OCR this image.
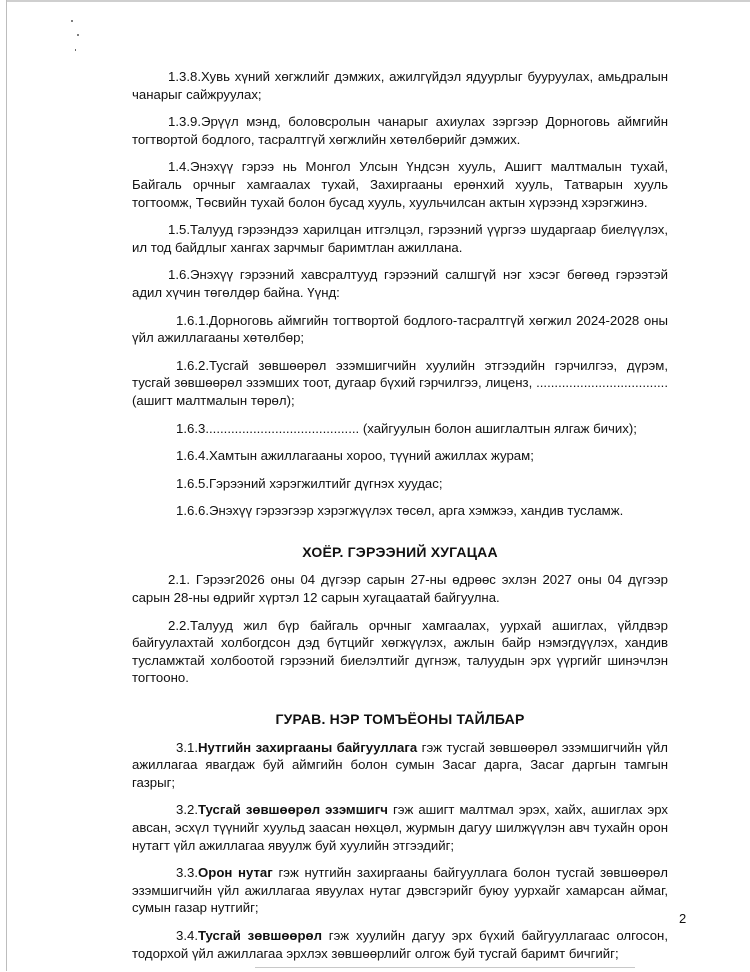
1.3.8.Хувь хүний хөгжлийг дэмжих, ажилгүйдэл ядуурлыг бууруулах, амьдралын чанарыг сайжруулах;

1.3.9.Эрүүл мэнд, боловсролын чанарыг ахиулах зэргээр Дорноговь аймгийн тогтвортой бодлого, тасралтгүй хөгжлийн хөтөлбөрийг дэмжих.

1.4.Энэхүү гэрээ нь Монгол Улсын Үндсэн хууль, Ашигт малтмалын тухай, Байгаль орчныг хамгаалах тухай, Захиргааны ерөнхий хууль, Татварын хууль тогтоомж, Төсвийн тухай болон бусад хууль, хуульчилсан актын хүрээнд хэрэгжинэ.

1.5.Талууд гэрээндээ харилцан итгэлцэл, гэрээний үүргээ шударгаар биелүүлэх, ил тод байдлыг хангах зарчмыг баримтлан ажиллана.

1.6.Энэхүү гэрээний хавсралтууд гэрээний салшгүй нэг хэсэг бөгөөд гэрээтэй адил хүчин төгөлдөр байна. Үүнд:

1.6.1.Дорноговь аймгийн тогтвортой бодлого-тасралтгүй хөгжил 2024-2028 оны үйл ажиллагааны хөтөлбөр;

1.6.2.Тусгай зөвшөөрөл эзэмшигчийн хуулийн этгээдийн гэрчилгээ, дүрэм, тусгай зөвшөөрөл эзэмших тоот, дугаар бүхий гэрчилгээ, лиценз, .................................... (ашигт малтмалын төрөл);

1.6.3.......................................... (хайгуулын болон ашиглалтын ялгаж бичих);

1.6.4.Хамтын ажиллагааны хороо, түүний ажиллах журам;

1.6.5.Гэрээний хэрэгжилтийг дүгнэх хуудас;

1.6.6.Энэхүү гэрээгээр хэрэгжүүлэх төсөл, арга хэмжээ, хандив тусламж.

ХОЁР. ГЭРЭЭНИЙ ХУГАЦАА

2.1. Гэрээг2026 оны 04 дүгээр сарын 27-ны өдрөөс эхлэн 2027 оны 04 дүгээр сарын 28-ны өдрийг хүртэл 12 сарын хугацаатай байгуулна.

2.2.Талууд жил бүр байгаль орчныг хамгаалах, уурхай ашиглах, үйлдвэр байгуулахтай холбогдсон дэд бүтцийг хөгжүүлэх, ажлын байр нэмэгдүүлэх, хандив тусламжтай холбоотой гэрээний биелэлтийг дүгнэж, талуудын эрх үүргийг шинэчлэн тогтооно.

ГУРАВ. НЭР ТОМЪЁОНЫ ТАЙЛБАР

3.1.Нутгийн захиргааны байгууллага гэж тусгай зөвшөөрөл эзэмшигчийн үйл ажиллагаа явагдаж буй аймгийн болон сумын Засаг дарга, Засаг даргын тамгын газрыг;

3.2.Тусгай зөвшөөрөл эзэмшигч гэж ашигт малтмал эрэх, хайх, ашиглах эрх авсан, эсхүл түүнийг хуульд заасан нөхцөл, журмын дагуу шилжүүлэн авч тухайн орон нутагт үйл ажиллагаа явуулж буй хуулийн этгээдийг;

3.3.Орон нутаг гэж нутгийн захиргааны байгууллага болон тусгай зөвшөөрөл эзэмшигчийн үйл ажиллагаа явуулах нутаг дэвсгэрийг буюу уурхайг хамарсан аймаг, сумын газар нутгийг;

3.4.Тусгай зөвшөөрөл гэж хуулийн дагуу эрх бүхий байгууллагаас олгосон, тодорхой үйл ажиллагаа эрхлэх зөвшөөрлийг олгож буй тусгай баримт бичгийг;

2
